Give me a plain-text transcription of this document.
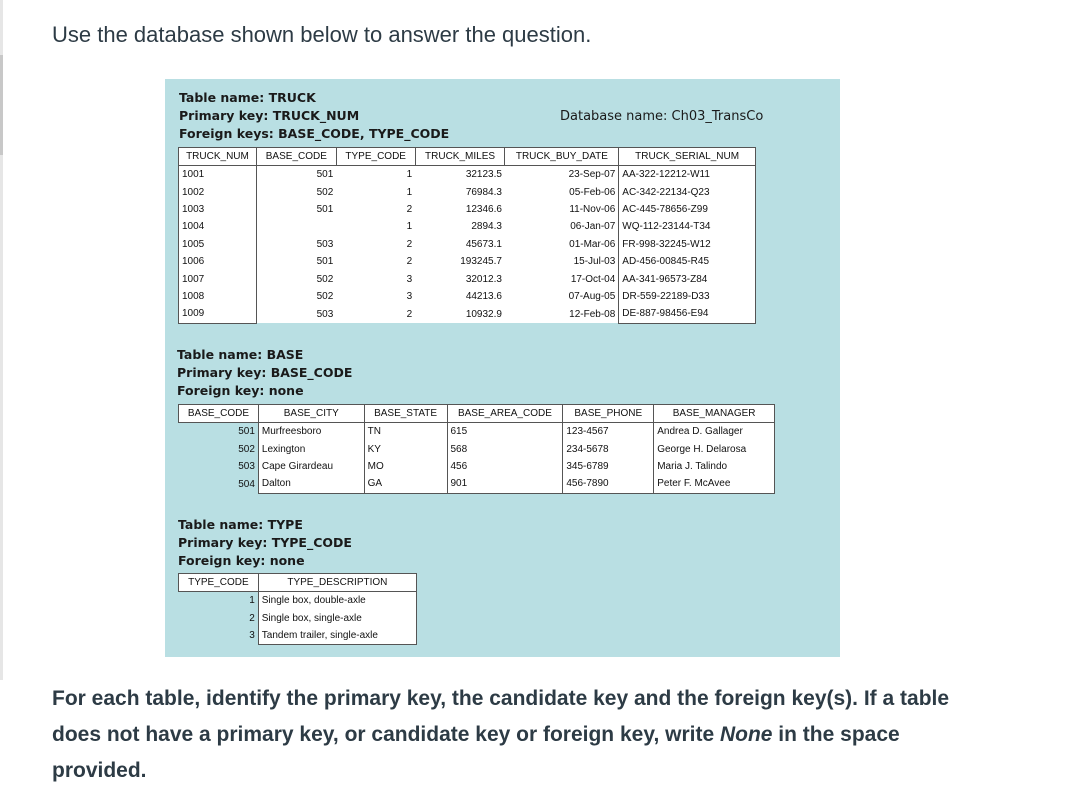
Use the database shown below to answer the question.
Table name: TRUCK
Primary key: TRUCK_NUM
Foreign keys: BASE_CODE, TYPE_CODE
Database name: Ch03_TransCo
TRUCK_NUM	BASE_CODE	TYPE_CODE	TRUCK_MILES	TRUCK_BUY_DATE	TRUCK_SERIAL_NUM
1001	501	1	32123.5	23-Sep-07	AA-322-12212-W11
1002	502	1	76984.3	05-Feb-06	AC-342-22134-Q23
1003	501	2	12346.6	11-Nov-06	AC-445-78656-Z99
1004		1	2894.3	06-Jan-07	WQ-112-23144-T34
1005	503	2	45673.1	01-Mar-06	FR-998-32245-W12
1006	501	2	193245.7	15-Jul-03	AD-456-00845-R45
1007	502	3	32012.3	17-Oct-04	AA-341-96573-Z84
1008	502	3	44213.6	07-Aug-05	DR-559-22189-D33
1009	503	2	10932.9	12-Feb-08	DE-887-98456-E94
Table name: BASE
Primary key: BASE_CODE
Foreign key: none
BASE_CODE	BASE_CITY	BASE_STATE	BASE_AREA_CODE	BASE_PHONE	BASE_MANAGER
501	Murfreesboro	TN	615	123-4567	Andrea D. Gallager
502	Lexington	KY	568	234-5678	George H. Delarosa
503	Cape Girardeau	MO	456	345-6789	Maria J. Talindo
504	Dalton	GA	901	456-7890	Peter F. McAvee
Table name: TYPE
Primary key: TYPE_CODE
Foreign key: none
TYPE_CODE	TYPE_DESCRIPTION
1	Single box, double-axle
2	Single box, single-axle
3	Tandem trailer, single-axle
For each table, identify the primary key, the candidate key and the foreign key(s). If a table does not have a primary key, or candidate key or foreign key, write None in the space provided.
